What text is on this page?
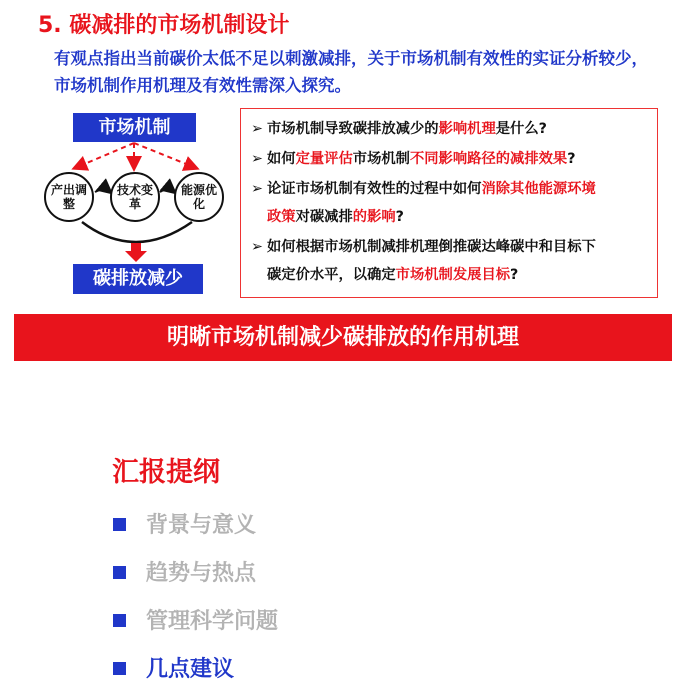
5. 碳减排的市场机制设计
有观点指出当前碳价太低不足以刺激减排，关于市场机制有效性的实证分析较少，市场机制作用机理及有效性需深入探究。
市场机制
产出调整
技术变革
能源优化
碳排放减少
➢ 市场机制导致碳排放减少的影响机理是什么?
➢ 如何定量评估市场机制不同影响路径的减排效果?
➢ 论证市场机制有效性的过程中如何消除其他能源环境
政策对碳减排的影响?
➢ 如何根据市场机制减排机理倒推碳达峰碳中和目标下
碳定价水平，以确定市场机制发展目标?
明晰市场机制减少碳排放的作用机理
汇报提纲
背景与意义
趋势与热点
管理科学问题
几点建议
